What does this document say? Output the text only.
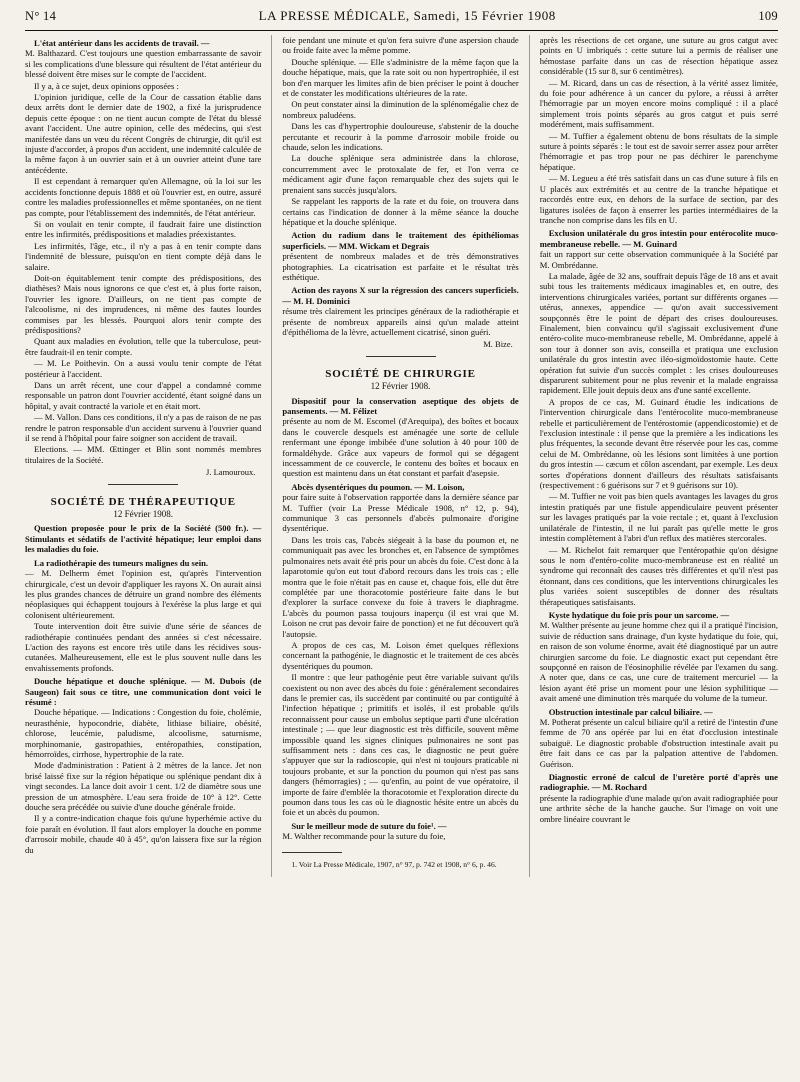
N° 14	LA PRESSE MÉDICALE, Samedi, 15 Février 1908	109
L'état antérieur dans les accidents de travail. —

M. Balthazard. C'est toujours une question embarrassante de savoir si les complications d'une blessure qui résultent de l'état antérieur du blessé doivent être mises sur le compte de l'accident.

Il y a, à ce sujet, deux opinions opposées :

L'opinion juridique, celle de la Cour de cassation établie dans deux arrêts dont le dernier date de 1902, a fixé la jurisprudence depuis cette époque : on ne tient aucun compte de l'état du blessé avant l'accident. Une autre opinion, celle des médecins, qui s'est manifestée dans un vœu du récent Congrès de chirurgie, dit qu'il est injuste d'accorder, à propos d'un accident, une indemnité calculée de la même façon à un ouvrier sain et à un ouvrier atteint d'une tare antécédente.

Il est cependant à remarquer qu'en Allemagne, où la loi sur les accidents fonctionne depuis 1888 et où l'ouvrier est, en outre, assuré contre les maladies professionnelles et même spontanées, on ne tient pas compte, pour l'établissement des indemnités, de l'état antérieur.

Si on voulait en tenir compte, il faudrait faire une distinction entre les infirmités, prédispositions et maladies préexistantes.

Les infirmités, l'âge, etc., il n'y a pas à en tenir compte dans l'indemnité de blessure, puisqu'on en tient compte déjà dans le salaire.

Doit-on équitablement tenir compte des prédispositions, des diathèses? Mais nous ignorons ce que c'est et, à plus forte raison, l'ouvrier les ignore. D'ailleurs, on ne tient pas compte de l'alcoolisme, ni des imprudences, ni même des fautes lourdes commises par les blessés. Pourquoi alors tenir compte des prédispositions?

Quant aux maladies en évolution, telle que la tuberculose, peut-être faudrait-il en tenir compte.

— M. Le Poithevin. On a aussi voulu tenir compte de l'état postérieur à l'accident.

Dans un arrêt récent, une cour d'appel a condamné comme responsable un patron dont l'ouvrier accidenté, étant soigné dans un hôpital, y avait contracté la variole et en était mort.

— M. Vallon. Dans ces conditions, il n'y a pas de raison de ne pas rendre le patron responsable d'un accident survenu à l'ouvrier quand il se rend à l'hôpital pour faire soigner son accident de travail.

Elections. — MM. Œttinger et Blin sont nommés membres titulaires de la Société.

J. Lamouroux.
SOCIÉTÉ DE THÉRAPEUTIQUE
12 Février 1908.
Question proposée pour le prix de la Société (500 fr.). — Stimulants et sédatifs de l'activité hépatique; leur emploi dans les maladies du foie.
La radiothérapie des tumeurs malignes du sein.

— M. Delherm émet l'opinion est, qu'après l'intervention chirurgicale, c'est un devoir d'appliquer les rayons X. On aurait ainsi les plus grandes chances de détruire un grand nombre des éléments néoplasiques qui échappent toujours à l'exérèse la plus large et qui colonisent ultérieurement.

Toute intervention doit être suivie d'une série de séances de radiothérapie continuées pendant des années si c'est nécessaire. L'action des rayons est encore très utile dans les récidives sous-cutanées. Malheureusement, elle est le plus souvent nulle dans les envahissements profonds.

Douche hépatique et douche splénique. — M. Dubois (de Saugeon) fait sous ce titre, une communication dont voici le résumé :

Douche hépatique. — Indications : Congestion du foie, cholémie, neurasthénie, hypocondrie, diabète, lithiase biliaire, obésité, chlorose, leucémie, paludisme, alcoolisme, saturnisme, morphinomanie, gastropathies, entéropathies, constipation, hémorroïdes, cirrhose, hypertrophie de la rate.

Mode d'administration : Patient à 2 mètres de la lance. Jet non brisé laissé fixe sur la région hépatique ou splénique pendant dix à vingt secondes. La lance doit avoir 1 cent. 1/2 de diamètre sous une pression de un atmosphère. L'eau sera froide de 10° à 12°. Cette douche sera précédée ou suivie d'une douche générale froide.

Il y a contre-indication chaque fois qu'une hyperhémie active du foie paraît en évolution. Il faut alors employer la douche en pomme d'arrosoir mobile, chaude 40 à 45°, qu'on laissera fixe sur la région du

foie pendant une minute et qu'on fera suivre d'une aspersion chaude ou froide faite avec la même pomme.

Douche splénique. — Elle s'administre de la même façon que la douche hépatique, mais, que la rate soit ou non hypertrophiée, il est bon d'en marquer les limites afin de bien préciser le point à doucher et de constater les modifications ultérieures de la rate.

On peut constater ainsi la diminution de la splénomégalie chez de nombreux paludéens.

Dans les cas d'hypertrophie douloureuse, s'abstenir de la douche percutante et recourir à la pomme d'arrosoir mobile froide ou chaude, selon les indications.

La douche splénique sera administrée dans la chlorose, concurremment avec le protoxalate de fer, et l'on verra ce médicament agir d'une façon remarquable chez des sujets qui le prenaient sans succès jusqu'alors.

Se rappelant les rapports de la rate et du foie, on trouvera dans certains cas l'indication de donner à la même séance la douche hépatique et la douche splénique.

Action du radium dans le traitement des épithéliomas superficiels. — MM. Wickam et Degrais

présentent de nombreux malades et de très démonstratives photographies. La cicatrisation est parfaite et le résultat très esthétique.

Action des rayons X sur la régression des cancers superficiels. — M. H. Dominici

résume très clairement les principes généraux de la radiothérapie et présente de nombreux appareils ainsi qu'un malade atteint d'épithélioma de la lèvre, actuellement cicatrisé, sinon guéri.

M. Bize.
SOCIÉTÉ DE CHIRURGIE
12 Février 1908.
Dispositif pour la conservation aseptique des objets de pansements. — M. Félizet

présente au nom de M. Escomel (d'Arequipa), des boîtes et bocaux dans le couvercle desquels est aménagée une sorte de cellule renfermant une éponge imbibée d'une solution à 40 pour 100 de formaldéhyde. Grâce aux vapeurs de formol qui se dégagent incessamment de ce couvercle, le contenu des boîtes et bocaux en question est maintenu dans un état constant et parfait d'asepsie.

Abcès dysentériques du poumon. — M. Loison,

pour faire suite à l'observation rapportée dans la dernière séance par M. Tuffier (voir La Presse Médicale 1908, n° 12, p. 94), communique 3 cas personnels d'abcès pulmonaire d'origine dysentérique.

Dans les trois cas, l'abcès siégeait à la base du poumon et, ne communiquait pas avec les bronches et, en l'absence de symptômes pulmonaires nets avait été pris pour un abcès du foie. C'est donc à la laparotomie qu'on eut tout d'abord recours dans les trois cas ; elle montra que le foie n'était pas en cause et, chaque fois, elle dut être complétée par une thoracotomie postérieure faite dans le but d'explorer la surface convexe du foie à travers le diaphragme. L'abcès du poumon passa toujours inaperçu (il est vrai que M. Loison ne crut pas devoir faire de ponction) et ne fut découvert qu'à l'autopsie.

A propos de ces cas, M. Loison émet quelques réflexions concernant la pathogénie, le diagnostic et le traitement de ces abcès dysentériques du poumon.

Il montre : que leur pathogénie peut être variable suivant qu'ils coexistent ou non avec des abcès du foie : généralement secondaires dans le premier cas, ils succèdent par continuité ou par contiguïté à l'infection hépatique ; primitifs et isolés, il est probable qu'ils reconnaissent pour cause un embolus septique parti d'une ulcération intestinale ; — que leur diagnostic est très difficile, souvent même impossible quand les signes cliniques pulmonaires ne sont pas suffisamment nets : dans ces cas, le diagnostic ne peut guère s'appuyer que sur la radioscopie, qui n'est ni toujours praticable ni toujours probante, et sur la ponction du poumon qui n'est pas sans dangers (hémorragies) ; — qu'enfin, au point de vue opératoire, il importe de faire d'emblée la thoracotomie et l'exploration directe du poumon dans tous les cas où le diagnostic hésite entre un abcès du foie et un abcès du poumon.

Sur le meilleur mode de suture du foie¹. —

M. Walther recommande pour la suture du foie,

1. Voir La Presse Médicale, 1907, n° 97, p. 742 et 1908, n° 6, p. 46.

après les résections de cet organe, une suture au gros catgut avec points en U imbriqués : cette suture lui a permis de réaliser une hémostase parfaite dans un cas de résection hépatique assez considérable (15 sur 8, sur 6 centimètres).

— M. Ricard, dans un cas de résection, à la vérité assez limitée, du foie pour adhérence à un cancer du pylore, a réussi à arrêter l'hémorragie par un moyen encore moins compliqué : il a placé simplement trois points séparés au gros catgut et puis serré modérément, mais suffisamment.

— M. Tuffier a également obtenu de bons résultats de la simple suture à points séparés : le tout est de savoir serrer assez pour arrêter l'hémorragie et pas trop pour ne pas déchirer le parenchyme hépatique.

— M. Legueu a été très satisfait dans un cas d'une suture à fils en U placés aux extrémités et au centre de la tranche hépatique et raccordés entre eux, en dehors de la surface de section, par des ligatures isolées de façon à enserrer les parties intermédiaires de la tranche non comprise dans les fils en U.

Exclusion unilatérale du gros intestin pour entérocolite muco-membraneuse rebelle. — M. Guinard

fait un rapport sur cette observation communiquée à la Société par M. Ombrédanne.

La malade, âgée de 32 ans, souffrait depuis l'âge de 18 ans et avait subi tous les traitements médicaux imaginables et, en outre, des interventions chirurgicales variées, portant sur différents organes — utérus, annexes, appendice — qu'on avait successivement soupçonnés être le point de départ des crises douloureuses. Finalement, bien convaincu qu'il s'agissait exclusivement d'une entéro-colite muco-membraneuse rebelle, M. Ombrédanne, appelé à son tour à donner son avis, conseilla et pratiqua une exclusion unilatérale du gros intestin avec iléo-sigmoïdostomie haute. Cette opération fut suivie d'un succès complet : les crises douloureuses disparurent subitement pour ne plus revenir et la malade engraissa rapidement. Elle jouit depuis deux ans d'une santé excellente.

A propos de ce cas, M. Guinard étudie les indications de l'intervention chirurgicale dans l'entérocolite muco-membraneuse rebelle et particulièrement de l'entérostomie (appendicostomie) et de l'exclusion intestinale : il pense que la première a les indications les plus fréquentes, la seconde devant être réservée pour les cas, comme celui de M. Ombrédanne, où les lésions sont limitées à une portion du gros intestin — cæcum et côlon ascendant, par exemple. Les deux sortes d'opérations donnent d'ailleurs des résultats satisfaisants (respectivement : 6 guérisons sur 7 et 9 guérisons sur 10).

— M. Tuffier ne voit pas bien quels avantages les lavages du gros intestin pratiqués par une fistule appendiculaire peuvent présenter sur les lavages pratiqués par la voie rectale ; et, quant à l'exclusion unilatérale de l'intestin, il ne lui paraît pas qu'elle mette le gros intestin complètement à l'abri d'un reflux des matières stercorales.

— M. Richelot fait remarquer que l'entéropathie qu'on désigne sous le nom d'entéro-colite muco-membraneuse est en réalité un syndrome qui reconnaît des causes très différentes et qu'il n'est pas étonnant, dans ces conditions, que les interventions chirurgicales les plus variées soient susceptibles de donner des résultats thérapeutiques satisfaisants.

Kyste hydatique du foie pris pour un sarcome. —

M. Walther présente au jeune homme chez qui il a pratiqué l'incision, suivie de réduction sans drainage, d'un kyste hydatique du foie, qui, en raison de son volume énorme, avait été diagnostiqué par un autre chirurgien sarcome du foie. Le diagnostic exact put cependant être soupçonné en raison de l'éosinophilie révélée par l'examen du sang. A noter que, dans ce cas, une cure de traitement mercuriel — la lésion ayant été prise un moment pour une lésion syphilitique — avait amené une diminution très marquée du volume de la tumeur.

Obstruction intestinale par calcul biliaire. —

M. Potherat présente un calcul biliaire qu'il a retiré de l'intestin d'une femme de 70 ans opérée par lui en état d'occlusion intestinale subaiguë. Le diagnostic probable d'obstruction intestinale avait pu être fait dans ce cas par la palpation attentive de l'abdomen. Guérison.

Diagnostic erroné de calcul de l'uretère porté d'après une radiographie. — M. Rochard

présente la radiographie d'une malade qu'on avait radiographiée pour une arthrite sèche de la hanche gauche. Sur l'image on voit une ombre linéaire couvrant le
